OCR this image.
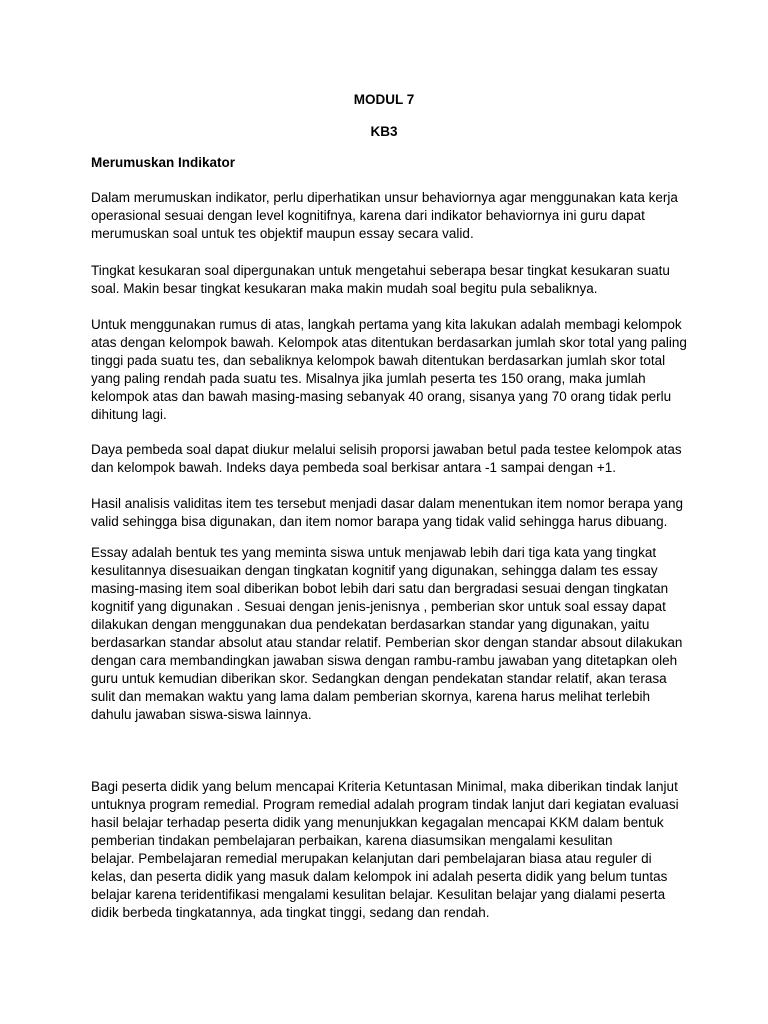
MODUL 7
KB3
Merumuskan Indikator

Dalam merumuskan indikator, perlu diperhatikan unsur behaviornya agar menggunakan kata kerja
operasional sesuai dengan level kognitifnya, karena dari indikator behaviornya ini guru dapat
merumuskan soal untuk tes objektif maupun essay secara valid.

Tingkat kesukaran soal dipergunakan untuk mengetahui seberapa besar tingkat kesukaran suatu
soal. Makin besar tingkat kesukaran maka makin mudah soal begitu pula sebaliknya.

Untuk menggunakan rumus di atas, langkah pertama yang kita lakukan adalah membagi kelompok
atas dengan kelompok bawah. Kelompok atas ditentukan berdasarkan jumlah skor total yang paling
tinggi pada suatu tes, dan sebaliknya kelompok bawah ditentukan berdasarkan jumlah skor total
yang paling rendah pada suatu tes. Misalnya jika jumlah peserta tes 150 orang, maka jumlah
kelompok atas dan bawah masing-masing sebanyak 40 orang, sisanya yang 70 orang tidak perlu
dihitung lagi.

Daya pembeda soal dapat diukur melalui selisih proporsi jawaban betul pada testee kelompok atas
dan kelompok bawah. Indeks daya pembeda soal berkisar antara -1 sampai dengan +1.

Hasil analisis validitas item tes tersebut menjadi dasar dalam menentukan item nomor berapa yang
valid sehingga bisa digunakan, dan item nomor barapa yang tidak valid sehingga harus dibuang.

Essay adalah bentuk tes yang meminta siswa untuk menjawab lebih dari tiga kata yang tingkat
kesulitannya disesuaikan dengan tingkatan kognitif yang digunakan, sehingga dalam tes essay
masing-masing item soal diberikan bobot lebih dari satu dan bergradasi sesuai dengan tingkatan
kognitif yang digunakan . Sesuai dengan jenis-jenisnya , pemberian skor untuk soal essay dapat
dilakukan dengan menggunakan dua pendekatan berdasarkan standar yang digunakan, yaitu
berdasarkan standar absolut atau standar relatif. Pemberian skor dengan standar absout dilakukan
dengan cara membandingkan jawaban siswa dengan rambu-rambu jawaban yang ditetapkan oleh
guru untuk kemudian diberikan skor. Sedangkan dengan pendekatan standar relatif, akan terasa
sulit dan memakan waktu yang lama dalam pemberian skornya, karena harus melihat terlebih
dahulu jawaban siswa-siswa lainnya.

Bagi peserta didik yang belum mencapai Kriteria Ketuntasan Minimal, maka diberikan tindak lanjut
untuknya program remedial. Program remedial adalah program tindak lanjut dari kegiatan evaluasi
hasil belajar terhadap peserta didik yang menunjukkan kegagalan mencapai KKM dalam bentuk
pemberian tindakan pembelajaran perbaikan, karena diasumsikan mengalami kesulitan
belajar. Pembelajaran remedial merupakan kelanjutan dari pembelajaran biasa atau reguler di
kelas, dan peserta didik yang masuk dalam kelompok ini adalah peserta didik yang belum tuntas
belajar karena teridentifikasi mengalami kesulitan belajar. Kesulitan belajar yang dialami peserta
didik berbeda tingkatannya, ada tingkat tinggi, sedang dan rendah.
